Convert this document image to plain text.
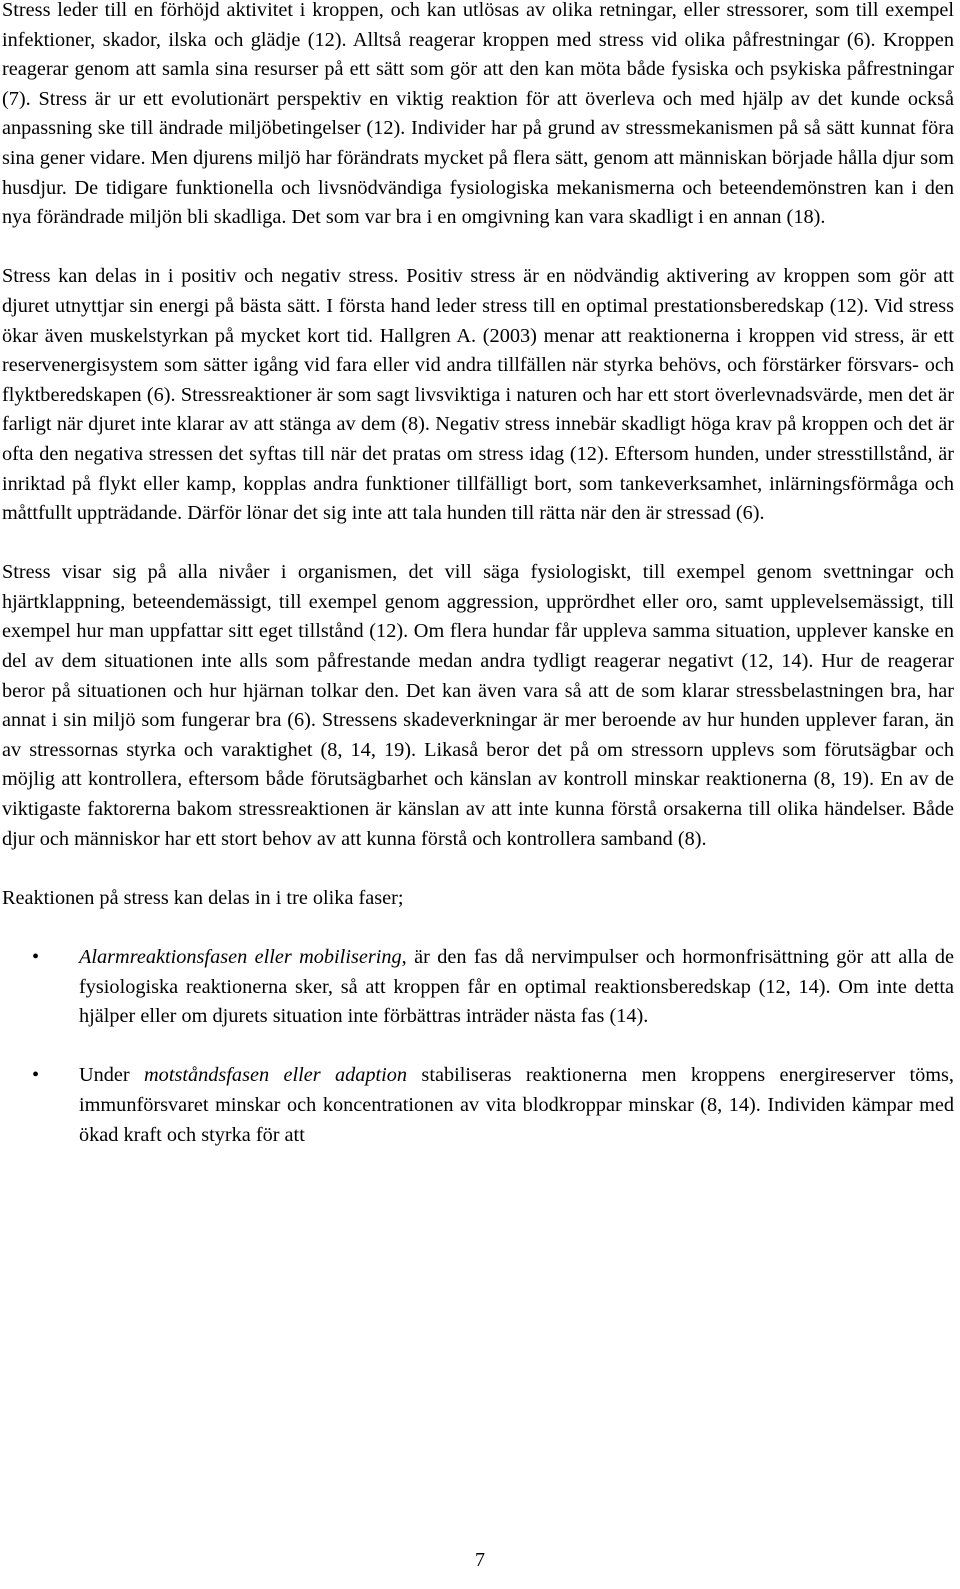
Stress leder till en förhöjd aktivitet i kroppen, och kan utlösas av olika retningar, eller stressorer, som till exempel infektioner, skador, ilska och glädje (12). Alltså reagerar kroppen med stress vid olika påfrestningar (6). Kroppen reagerar genom att samla sina resurser på ett sätt som gör att den kan möta både fysiska och psykiska påfrestningar (7). Stress är ur ett evolutionärt perspektiv en viktig reaktion för att överleva och med hjälp av det kunde också anpassning ske till ändrade miljöbetingelser (12). Individer har på grund av stressmekanismen på så sätt kunnat föra sina gener vidare. Men djurens miljö har förändrats mycket på flera sätt, genom att människan började hålla djur som husdjur. De tidigare funktionella och livsnödvändiga fysiologiska mekanismerna och beteendemönstren kan i den nya förändrade miljön bli skadliga. Det som var bra i en omgivning kan vara skadligt i en annan (18).

Stress kan delas in i positiv och negativ stress. Positiv stress är en nödvändig aktivering av kroppen som gör att djuret utnyttjar sin energi på bästa sätt. I första hand leder stress till en optimal prestationsberedskap (12). Vid stress ökar även muskelstyrkan på mycket kort tid. Hallgren A. (2003) menar att reaktionerna i kroppen vid stress, är ett reservenergisystem som sätter igång vid fara eller vid andra tillfällen när styrka behövs, och förstärker försvars- och flyktberedskapen (6). Stressreaktioner är som sagt livsviktiga i naturen och har ett stort överlevnadsvärde, men det är farligt när djuret inte klarar av att stänga av dem (8). Negativ stress innebär skadligt höga krav på kroppen och det är ofta den negativa stressen det syftas till när det pratas om stress idag (12). Eftersom hunden, under stresstillstånd, är inriktad på flykt eller kamp, kopplas andra funktioner tillfälligt bort, som tankeverksamhet, inlärningsförmåga och måttfullt uppträdande. Därför lönar det sig inte att tala hunden till rätta när den är stressad (6).

Stress visar sig på alla nivåer i organismen, det vill säga fysiologiskt, till exempel genom svettningar och hjärtklappning, beteendemässigt, till exempel genom aggression, upprördhet eller oro, samt upplevelsemässigt, till exempel hur man uppfattar sitt eget tillstånd (12). Om flera hundar får uppleva samma situation, upplever kanske en del av dem situationen inte alls som påfrestande medan andra tydligt reagerar negativt (12, 14). Hur de reagerar beror på situationen och hur hjärnan tolkar den. Det kan även vara så att de som klarar stressbelastningen bra, har annat i sin miljö som fungerar bra (6). Stressens skadeverkningar är mer beroende av hur hunden upplever faran, än av stressornas styrka och varaktighet (8, 14, 19). Likaså beror det på om stressorn upplevs som förutsägbar och möjlig att kontrollera, eftersom både förutsägbarhet och känslan av kontroll minskar reaktionerna (8, 19). En av de viktigaste faktorerna bakom stressreaktionen är känslan av att inte kunna förstå orsakerna till olika händelser. Både djur och människor har ett stort behov av att kunna förstå och kontrollera samband (8).

Reaktionen på stress kan delas in i tre olika faser;

• Alarmreaktionsfasen eller mobilisering, är den fas då nervimpulser och hormonfrisättning gör att alla de fysiologiska reaktionerna sker, så att kroppen får en optimal reaktionsberedskap (12, 14). Om inte detta hjälper eller om djurets situation inte förbättras inträder nästa fas (14).
• Under motståndsfasen eller adaption stabiliseras reaktionerna men kroppens energireserver töms, immunförsvaret minskar och koncentrationen av vita blodkroppar minskar (8, 14). Individen kämpar med ökad kraft och styrka för att
7
